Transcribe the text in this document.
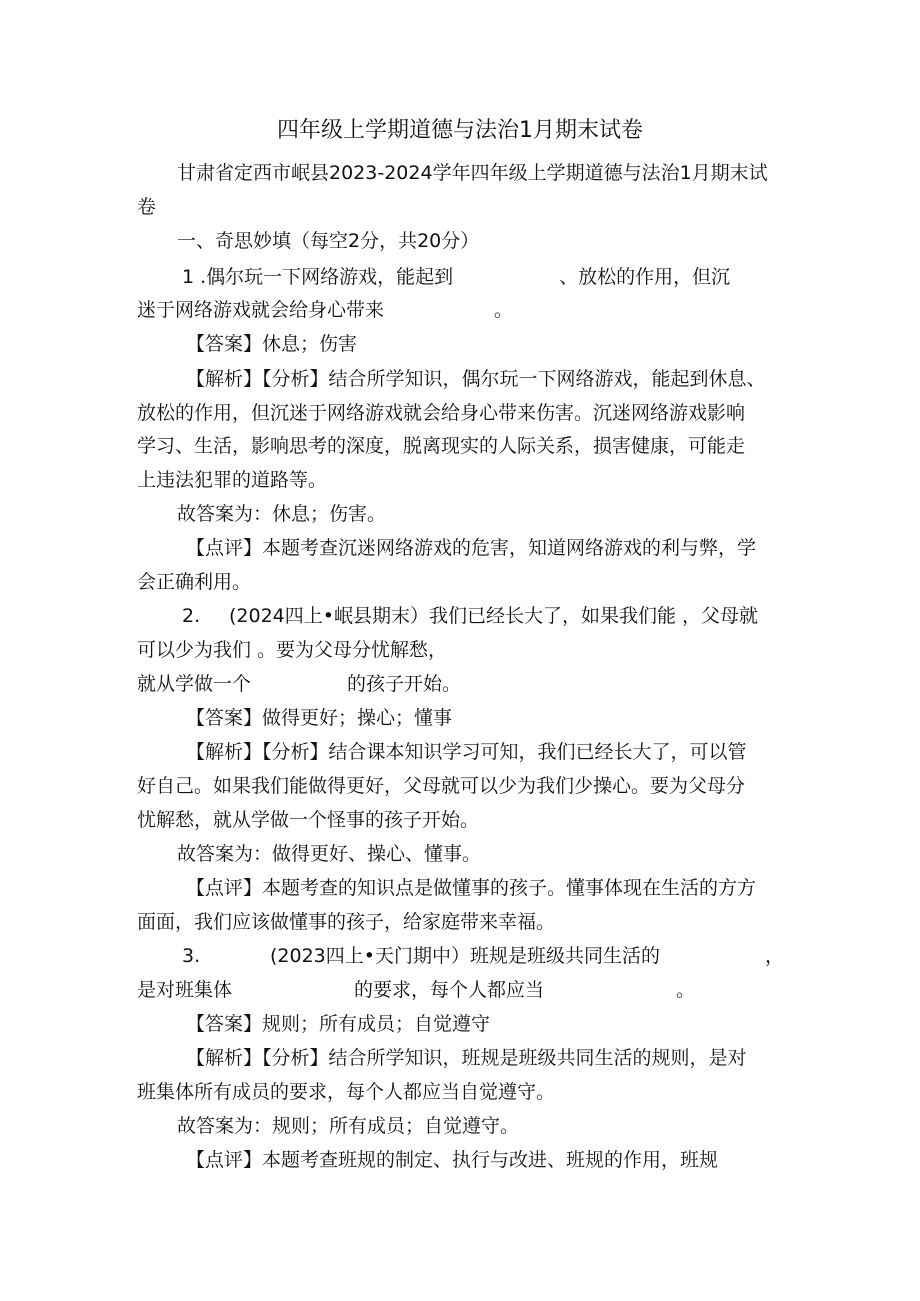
四年级上学期道德与法治1月期末试卷
甘肃省定西市岷县2023-2024学年四年级上学期道德与法治1月期末试
卷
一、奇思妙填（每空2分，共20分）
1 .偶尔玩一下网络游戏，能起到	、放松的作用，但沉
迷于网络游戏就会给身心带来	。
【答案】休息；伤害
【解析】【分析】结合所学知识，偶尔玩一下网络游戏，能起到休息、
放松的作用，但沉迷于网络游戏就会给身心带来伤害。沉迷网络游戏影响
学习、生活，影响思考的深度，脱离现实的人际关系，损害健康，可能走
上违法犯罪的道路等。
故答案为：休息；伤害。
【点评】本题考查沉迷网络游戏的危害，知道网络游戏的利与弊，学
会正确利用。
2. (2024四上•岷县期末）我们已经长大了，如果我们能 ，父母就
可以少为我们 。要为父母分忧解愁，
就从学做一个	的孩子开始。
【答案】做得更好；操心；懂事
【解析】【分析】结合课本知识学习可知，我们已经长大了，可以管
好自己。如果我们能做得更好，父母就可以少为我们少操心。要为父母分
忧解愁，就从学做一个怪事的孩子开始。
故答案为：做得更好、操心、懂事。
【点评】本题考查的知识点是做懂事的孩子。懂事体现在生活的方方
面面，我们应该做懂事的孩子，给家庭带来幸福。
3.	(2023四上•天门期中）班规是班级共同生活的	，
是对班集体	的要求，每个人都应当	。
【答案】规则；所有成员；自觉遵守
【解析】【分析】结合所学知识，班规是班级共同生活的规则，是对
班集体所有成员的要求，每个人都应当自觉遵守。
故答案为：规则；所有成员；自觉遵守。
【点评】本题考查班规的制定、执行与改进、班规的作用，班规
